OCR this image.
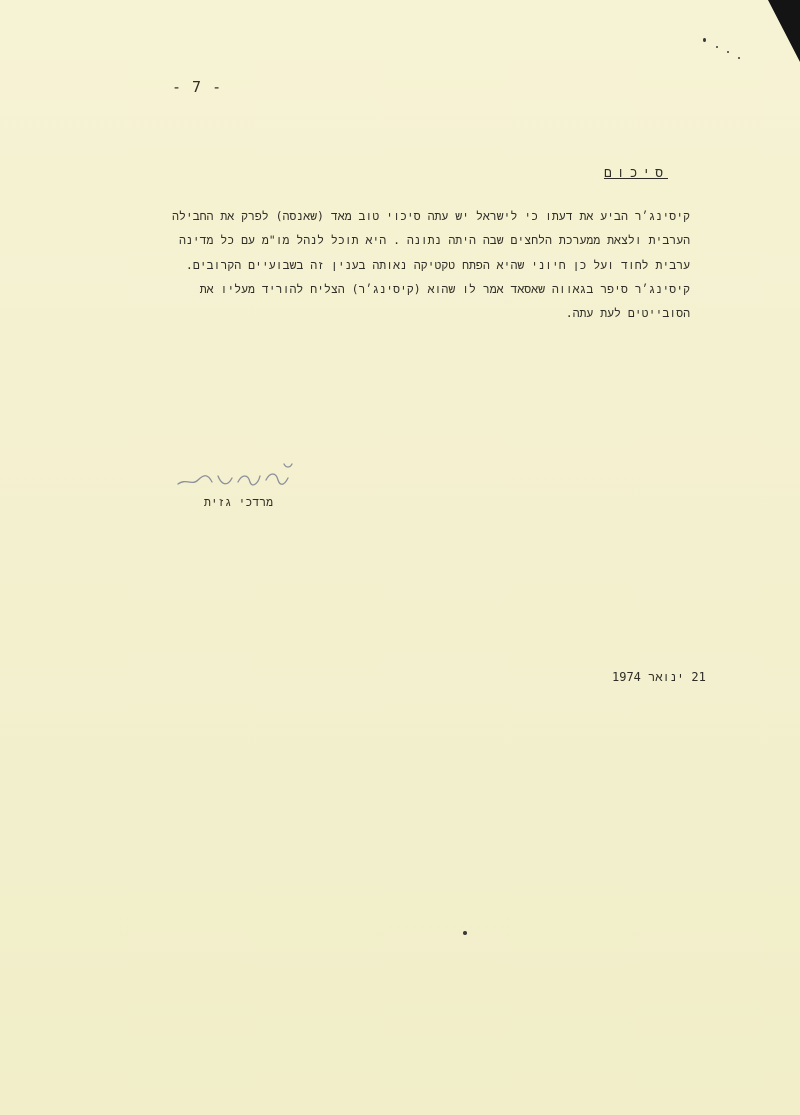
- 7 -
סיכום
קיסינג׳ר הביע את דעתו כי לישראל יש עתה סיכוי טוב מאד (שאנסה) לפרק את החבילה
הערבית ולצאת ממערכת הלחצים שבה היתה נתונה . היא תוכל לנהל מו"מ עם כל מדינה
ערבית לחוד ועל כן חיוני שהיא הפתח טקטיקה נאותה בענין זה בשבועיים הקרובים.
קיסינג׳ר סיפר בגאווה שאסאד אמר לו שהוא (קיסינג׳ר) הצליח להוריד מעליו את
הסובייטים לעת עתה.
מרדכי גזית
21 ינואר 1974
